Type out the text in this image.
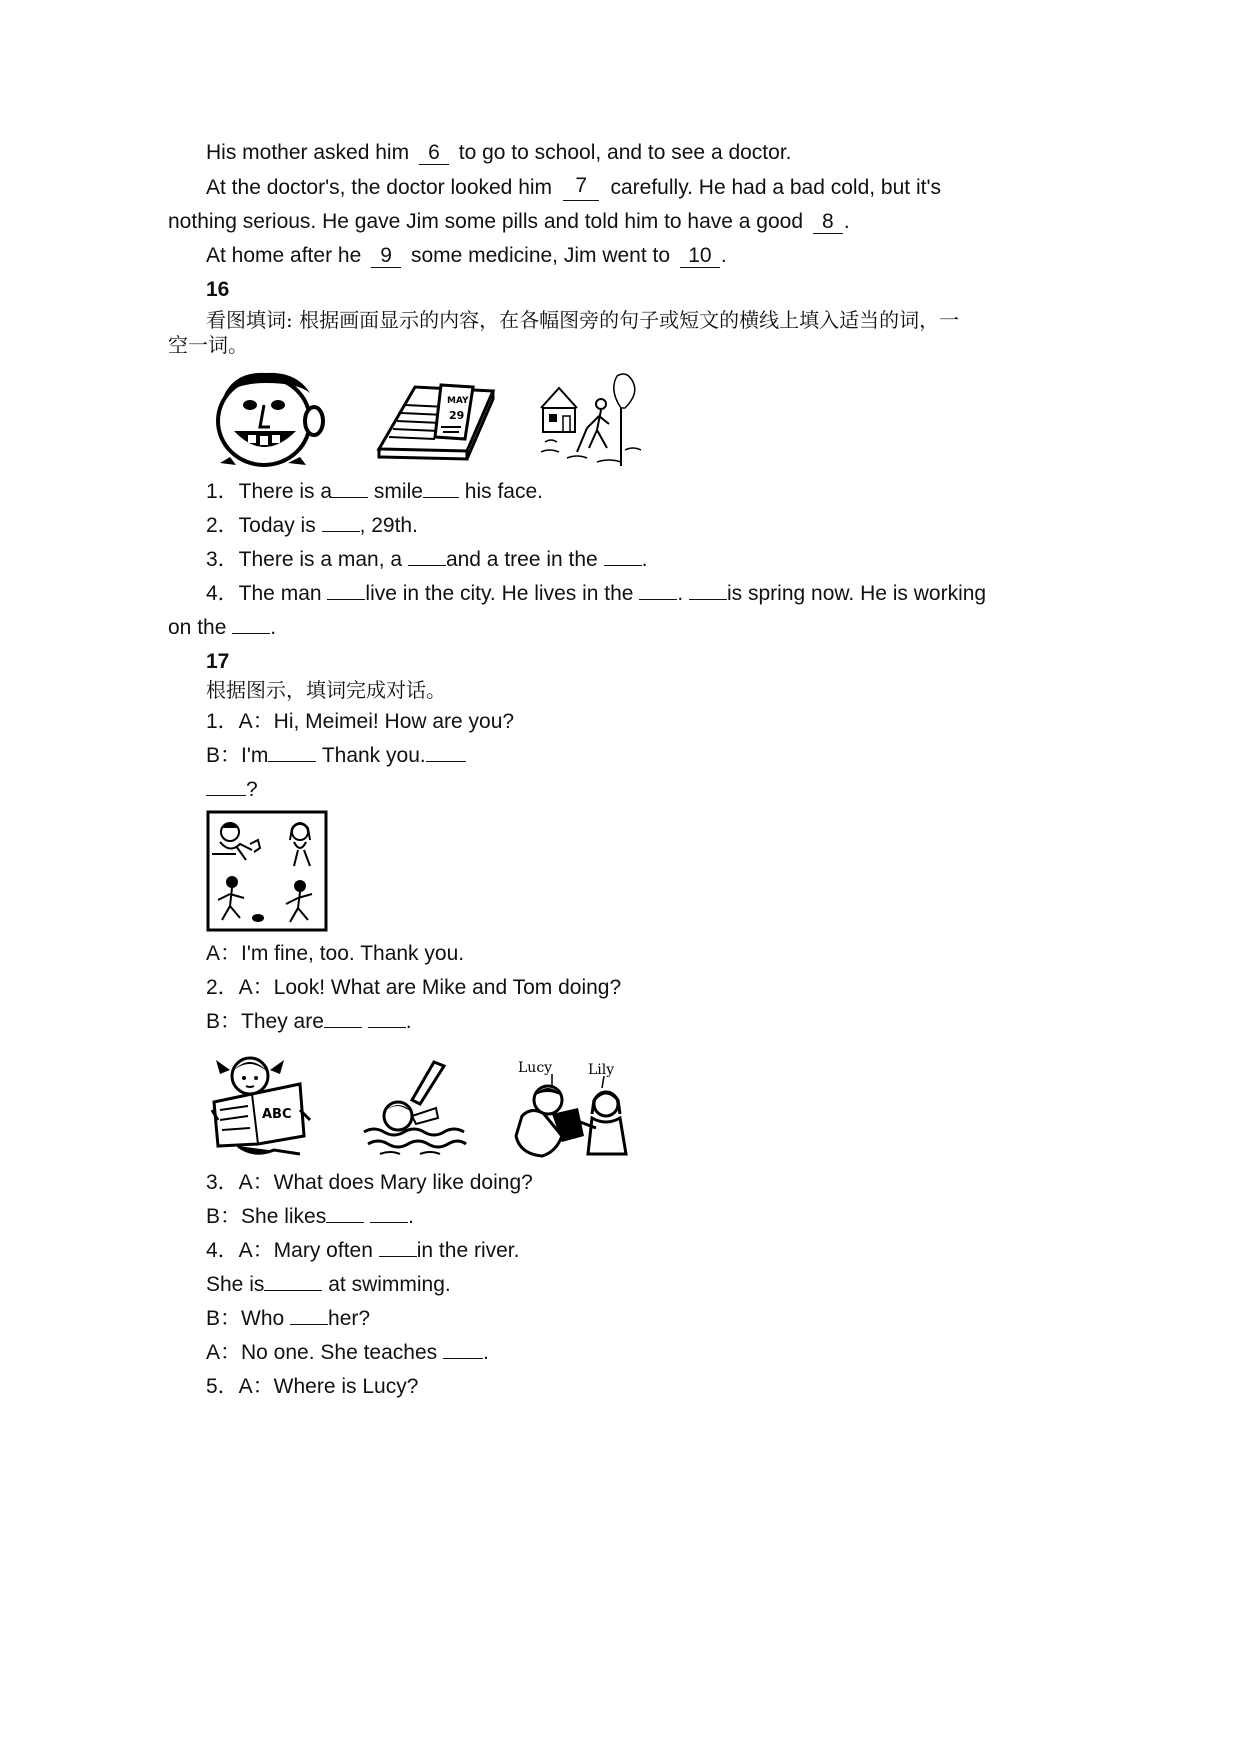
His mother asked him 6 to go to school, and to see a doctor.
At the doctor's, the doctor looked him	7	carefully. He had a bad cold, but it's
nothing serious. He gave Jim some pills and told him to have a good 8 .
At home after he 9 some medicine, Jim went to 10 .
16
看图填词: 根据画面显示的内容，在各幅图旁的句子或短文的横线上填入适当的词，一
空一词。
MAY
29
1．There is a smile his face.
2．Today is , 29th.
3．There is a man, a and a tree in the .
4．The man live in the city. He lives in the . is spring now. He is working
on the .
17
根据图示，填词完成对话。
1．A：Hi, Meimei! How are you?
B：I'm	Thank you.
?
A：I'm fine, too. Thank you.
2．A：Look! What are Mike and Tom doing?
B：They are	.
ABC
Lucy	Lily
3．A：What does Mary like doing?
B：She likes	.
4．A：Mary often in the river.
She is	at swimming.
B：Who her?
A：No one. She teaches .
5．A：Where is Lucy?
